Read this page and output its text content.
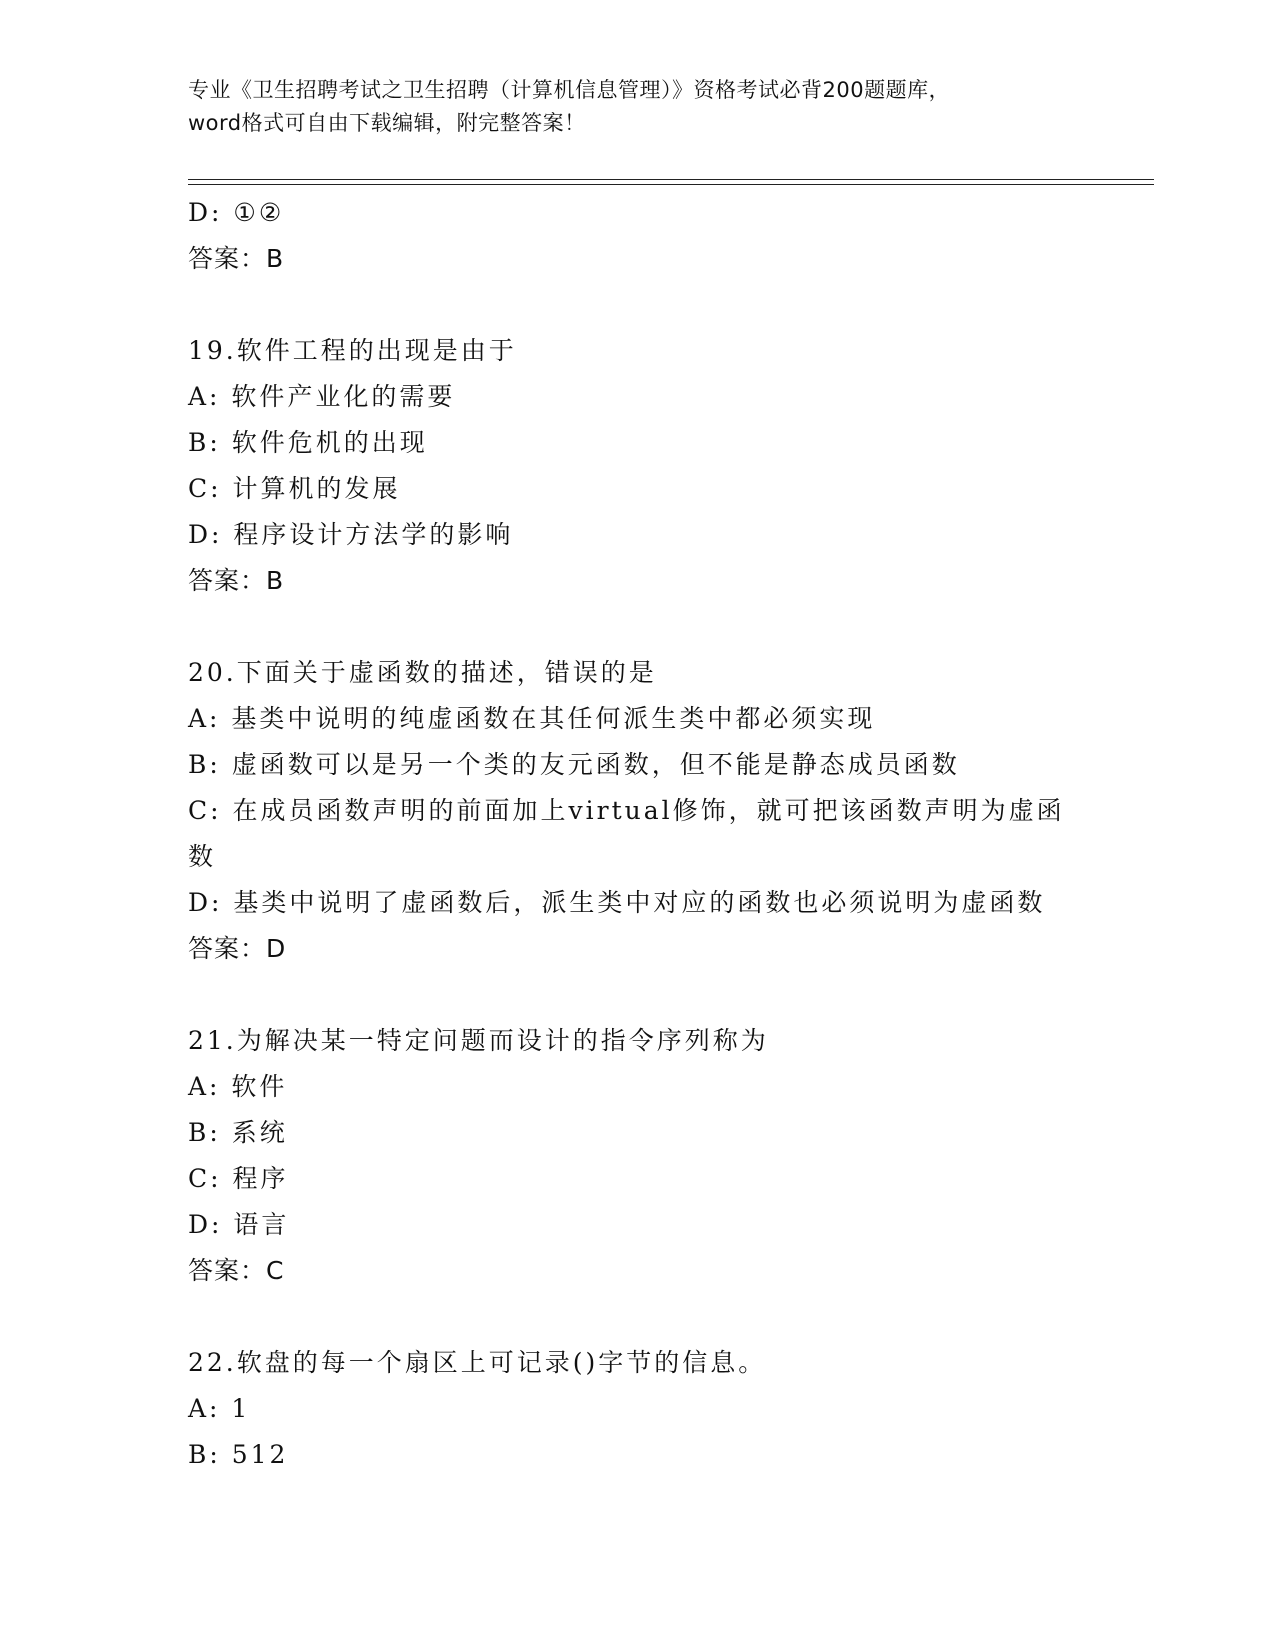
专业《卫生招聘考试之卫生招聘（计算机信息管理）》资格考试必背200题题库，
word格式可自由下载编辑，附完整答案！
D: ①②
答案：B
19.软件工程的出现是由于
A: 软件产业化的需要
B: 软件危机的出现
C: 计算机的发展
D: 程序设计方法学的影响
答案：B
20.下面关于虚函数的描述，错误的是
A: 基类中说明的纯虚函数在其任何派生类中都必须实现
B: 虚函数可以是另一个类的友元函数，但不能是静态成员函数
C: 在成员函数声明的前面加上virtual修饰，就可把该函数声明为虚函数
D: 基类中说明了虚函数后，派生类中对应的函数也必须说明为虚函数
答案：D
21.为解决某一特定问题而设计的指令序列称为
A: 软件
B: 系统
C: 程序
D: 语言
答案：C
22.软盘的每一个扇区上可记录()字节的信息。
A: 1
B: 512
